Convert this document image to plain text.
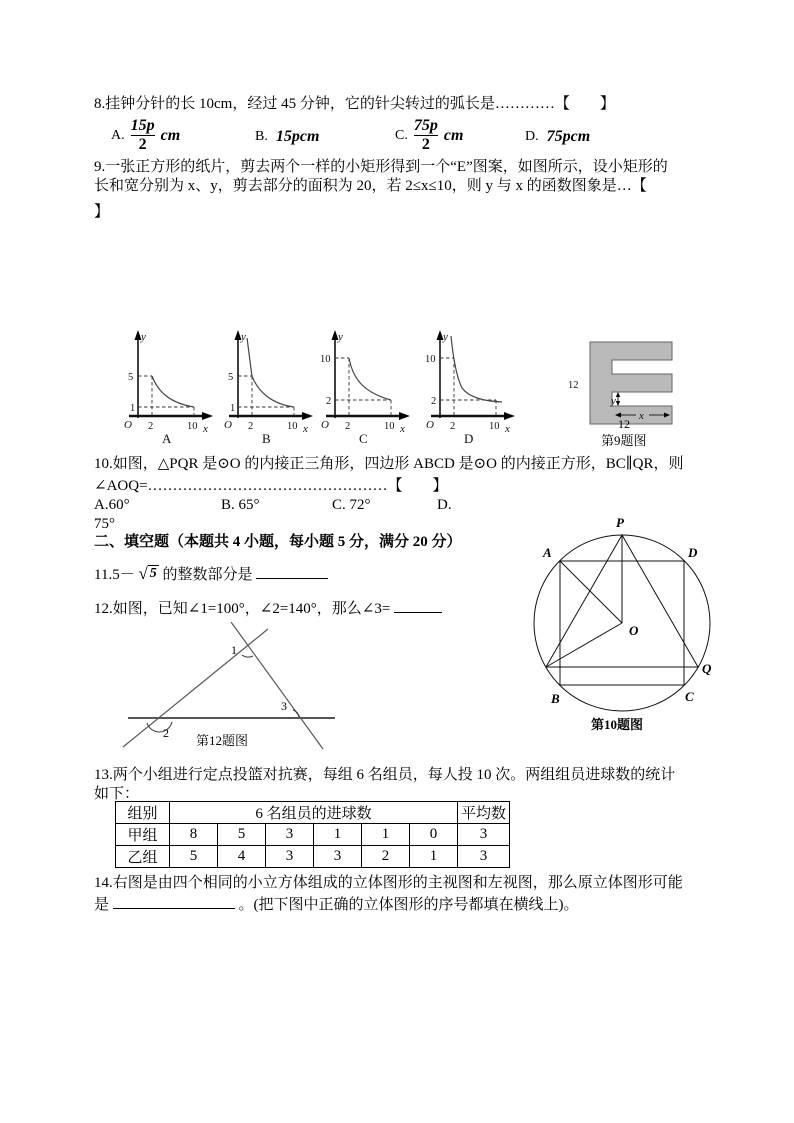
8.挂钟分针的长 10cm，经过 45 分钟，它的针尖转过的弧长是…………【　　】
A. $\frac{15p}{2}$ cm	B. 15pcm	C. $\frac{75p}{2}$ cm	D. 75pcm
9.一张正方形的纸片，剪去两个一样的小矩形得到一个“E”图案，如图所示，设小矩形的
长和宽分别为 x、y，剪去部分的面积为 20，若 2≤x≤10，则 y 与 x 的函数图象是…【
】
y
x
O
5
1
2	10
A
y
x
O
5
1
2	10
B
y
x
O
10
2
2	10
C
y
x
O
10
2
2	10
D
12
y
x
12
第9题图
10.如图，△PQR 是⊙O 的内接正三角形，四边形 ABCD 是⊙O 的内接正方形，BC∥QR，则
∠AOQ=…………………………………………【　　】
A.60°	B. 65°	C. 72°	D.
75°	P
A	D
O
Q
B	C
第10题图
二、填空题（本题共 4 小题，每小题 5 分，满分 20 分）
11.5－ √ 5 的整数部分是
12.如图，已知∠1=100°，∠2=140°，那么∠3=
1
2
3
第12题图
13.两个小组进行定点投篮对抗赛，每组 6 名组员，每人投 10 次。两组组员进球数的统计
如下：
组别	6 名组员的进球数						平均数
甲组	8	5	3	1	1	0	3
乙组	5	4	3	3	2	1	3
14.右图是由四个相同的小立方体组成的立体图形的主视图和左视图，那么原立体图形可能
是	。(把下图中正确的立体图形的序号都填在横线上)。
